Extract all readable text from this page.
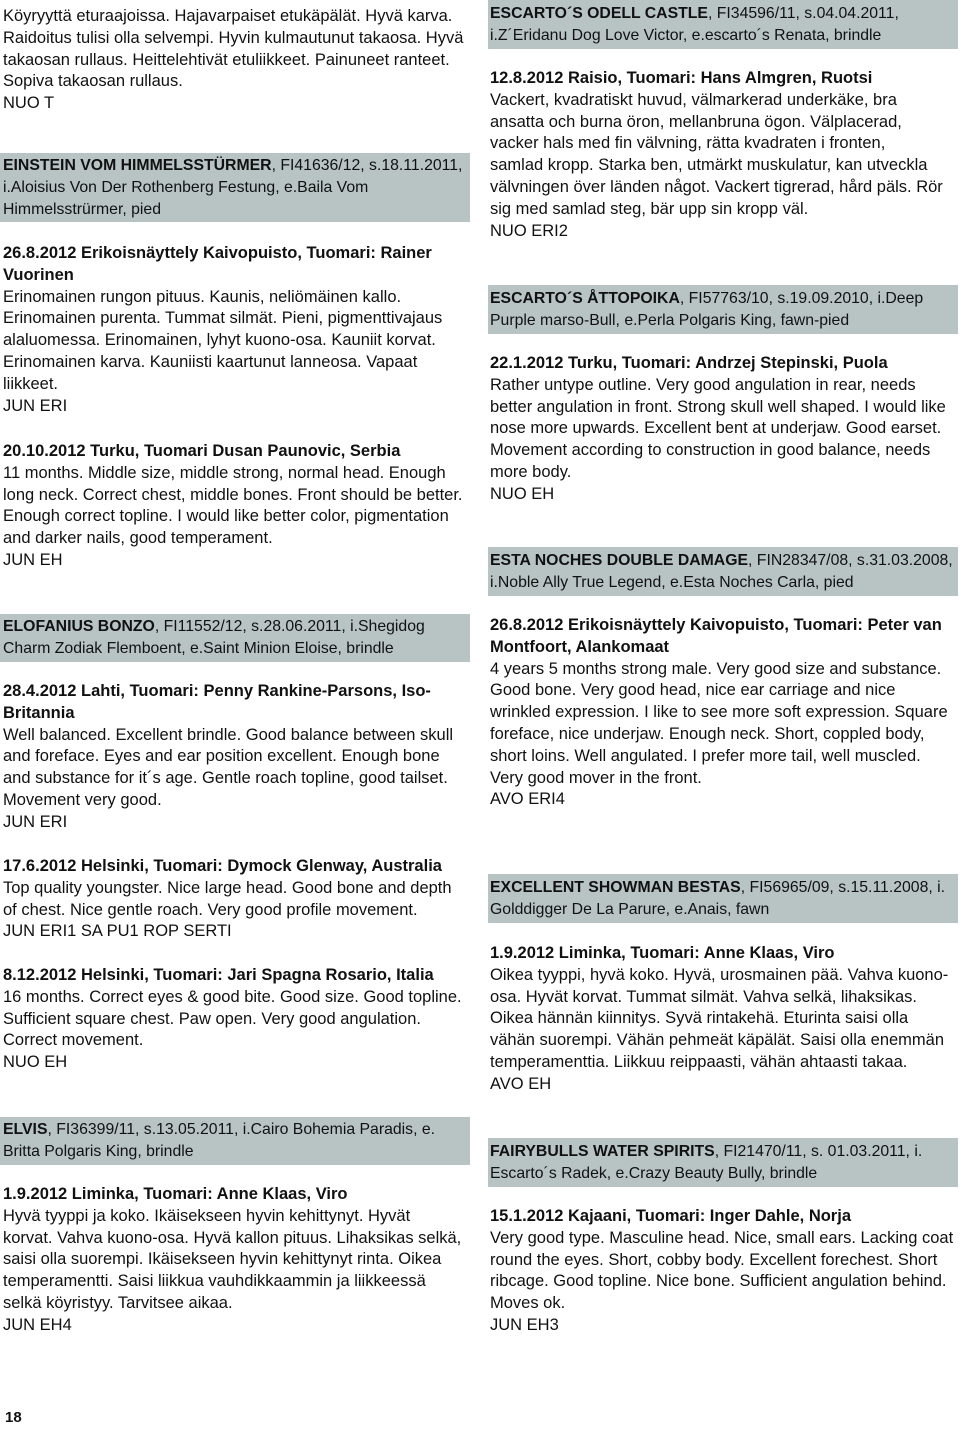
Köyryyttä eturaajoissa. Hajavarpaiset etukäpälät. Hyvä karva.
Raidoitus tulisi olla selvempi. Hyvin kulmautunut takaosa. Hyvä
takaosan rullaus. Heittelehtivät etuliikkeet. Painuneet ranteet.
Sopiva takaosan rullaus.
NUO T
EINSTEIN VOM HIMMELSSTÜRMER, FI41636/12, s.18.11.2011,
i.Aloisius Von Der Rothenberg Festung, e.Baila Vom
Himmelsstrürmer, pied
26.8.2012 Erikoisnäyttely Kaivopuisto, Tuomari: Rainer
Vuorinen
Erinomainen rungon pituus. Kaunis, neliömäinen kallo.
Erinomainen purenta. Tummat silmät. Pieni, pigmenttivajaus
alaluomessa. Erinomainen, lyhyt kuono-osa. Kauniit korvat.
Erinomainen karva. Kauniisti kaartunut lanneosa. Vapaat
liikkeet.
JUN ERI
20.10.2012 Turku, Tuomari Dusan Paunovic, Serbia
11 months. Middle size, middle strong, normal head. Enough
long neck. Correct chest, middle bones. Front should be better.
Enough correct topline. I would like better color, pigmentation
and darker nails, good temperament.
JUN EH
ELOFANIUS BONZO, FI11552/12, s.28.06.2011, i.Shegidog
Charm Zodiak Flemboent, e.Saint Minion Eloise, brindle
28.4.2012 Lahti, Tuomari: Penny Rankine-Parsons, Iso-
Britannia
Well balanced. Excellent brindle. Good balance between skull
and foreface. Eyes and ear position excellent. Enough bone
and substance for it´s age. Gentle roach topline, good tailset.
Movement very good.
JUN ERI
17.6.2012 Helsinki, Tuomari: Dymock Glenway, Australia
Top quality youngster. Nice large head. Good bone and depth
of chest. Nice gentle roach. Very good profile movement.
JUN ERI1 SA PU1 ROP SERTI
8.12.2012 Helsinki, Tuomari: Jari Spagna Rosario, Italia
16 months. Correct eyes & good bite. Good size. Good topline.
Sufficient square chest. Paw open. Very good angulation.
Correct movement.
NUO EH
ELVIS, FI36399/11, s.13.05.2011, i.Cairo Bohemia Paradis, e.
Britta Polgaris King, brindle
1.9.2012 Liminka, Tuomari: Anne Klaas, Viro
Hyvä tyyppi ja koko. Ikäisekseen hyvin kehittynyt. Hyvät
korvat. Vahva kuono-osa. Hyvä kallon pituus. Lihaksikas selkä,
saisi olla suorempi. Ikäisekseen hyvin kehittynyt rinta. Oikea
temperamentti. Saisi liikkua vauhdikkaammin ja liikkeessä
selkä köyristyy. Tarvitsee aikaa.
JUN EH4
ESCARTO´S ODELL CASTLE, FI34596/11, s.04.04.2011,
i.Z´Eridanu Dog Love Victor, e.escarto´s Renata, brindle
12.8.2012 Raisio, Tuomari: Hans Almgren, Ruotsi
Vackert, kvadratiskt huvud, välmarkerad underkäke, bra
ansatta och burna öron, mellanbruna ögon. Välplacerad,
vacker hals med fin välvning, rätta kvadraten i fronten,
samlad kropp. Starka ben, utmärkt muskulatur, kan utveckla
välvningen över länden något. Vackert tigrerad, hård päls. Rör
sig med samlad steg, bär upp sin kropp väl.
NUO ERI2
ESCARTO´S ÅTTOPOIKA, FI57763/10, s.19.09.2010, i.Deep
Purple marso-Bull, e.Perla Polgaris King, fawn-pied
22.1.2012 Turku, Tuomari: Andrzej Stepinski, Puola
Rather untype outline. Very good angulation in rear, needs
better angulation in front. Strong skull well shaped. I would like
nose more upwards. Excellent bent at underjaw. Good earset.
Movement according to construction in good balance, needs
more body.
NUO EH
ESTA NOCHES DOUBLE DAMAGE, FIN28347/08, s.31.03.2008,
i.Noble Ally True Legend, e.Esta Noches Carla, pied
26.8.2012 Erikoisnäyttely Kaivopuisto, Tuomari: Peter van
Montfoort, Alankomaat
4 years 5 months strong male. Very good size and substance.
Good bone. Very good head, nice ear carriage and nice
wrinkled expression. I like to see more soft expression. Square
foreface, nice underjaw. Enough neck. Short, coppled body,
short loins. Well angulated. I prefer more tail, well muscled.
Very good mover in the front.
AVO ERI4
EXCELLENT SHOWMAN BESTAS, FI56965/09, s.15.11.2008, i.
Golddigger De La Parure, e.Anais, fawn
1.9.2012 Liminka, Tuomari: Anne Klaas, Viro
Oikea tyyppi, hyvä koko. Hyvä, urosmainen pää. Vahva kuono-
osa. Hyvät korvat. Tummat silmät. Vahva selkä, lihaksikas.
Oikea hännän kiinnitys. Syvä rintakehä. Eturinta saisi olla
vähän suorempi. Vähän pehmeät käpälät. Saisi olla enemmän
temperamenttia. Liikkuu reippaasti, vähän ahtaasti takaa.
AVO EH
FAIRYBULLS WATER SPIRITS, FI21470/11, s. 01.03.2011, i.
Escarto´s Radek, e.Crazy Beauty Bully, brindle
15.1.2012 Kajaani, Tuomari: Inger Dahle, Norja
Very good type. Masculine head. Nice, small ears. Lacking coat
round the eyes. Short, cobby body. Excellent forechest. Short
ribcage. Good topline. Nice bone. Sufficient angulation behind.
Moves ok.
JUN EH3
18
